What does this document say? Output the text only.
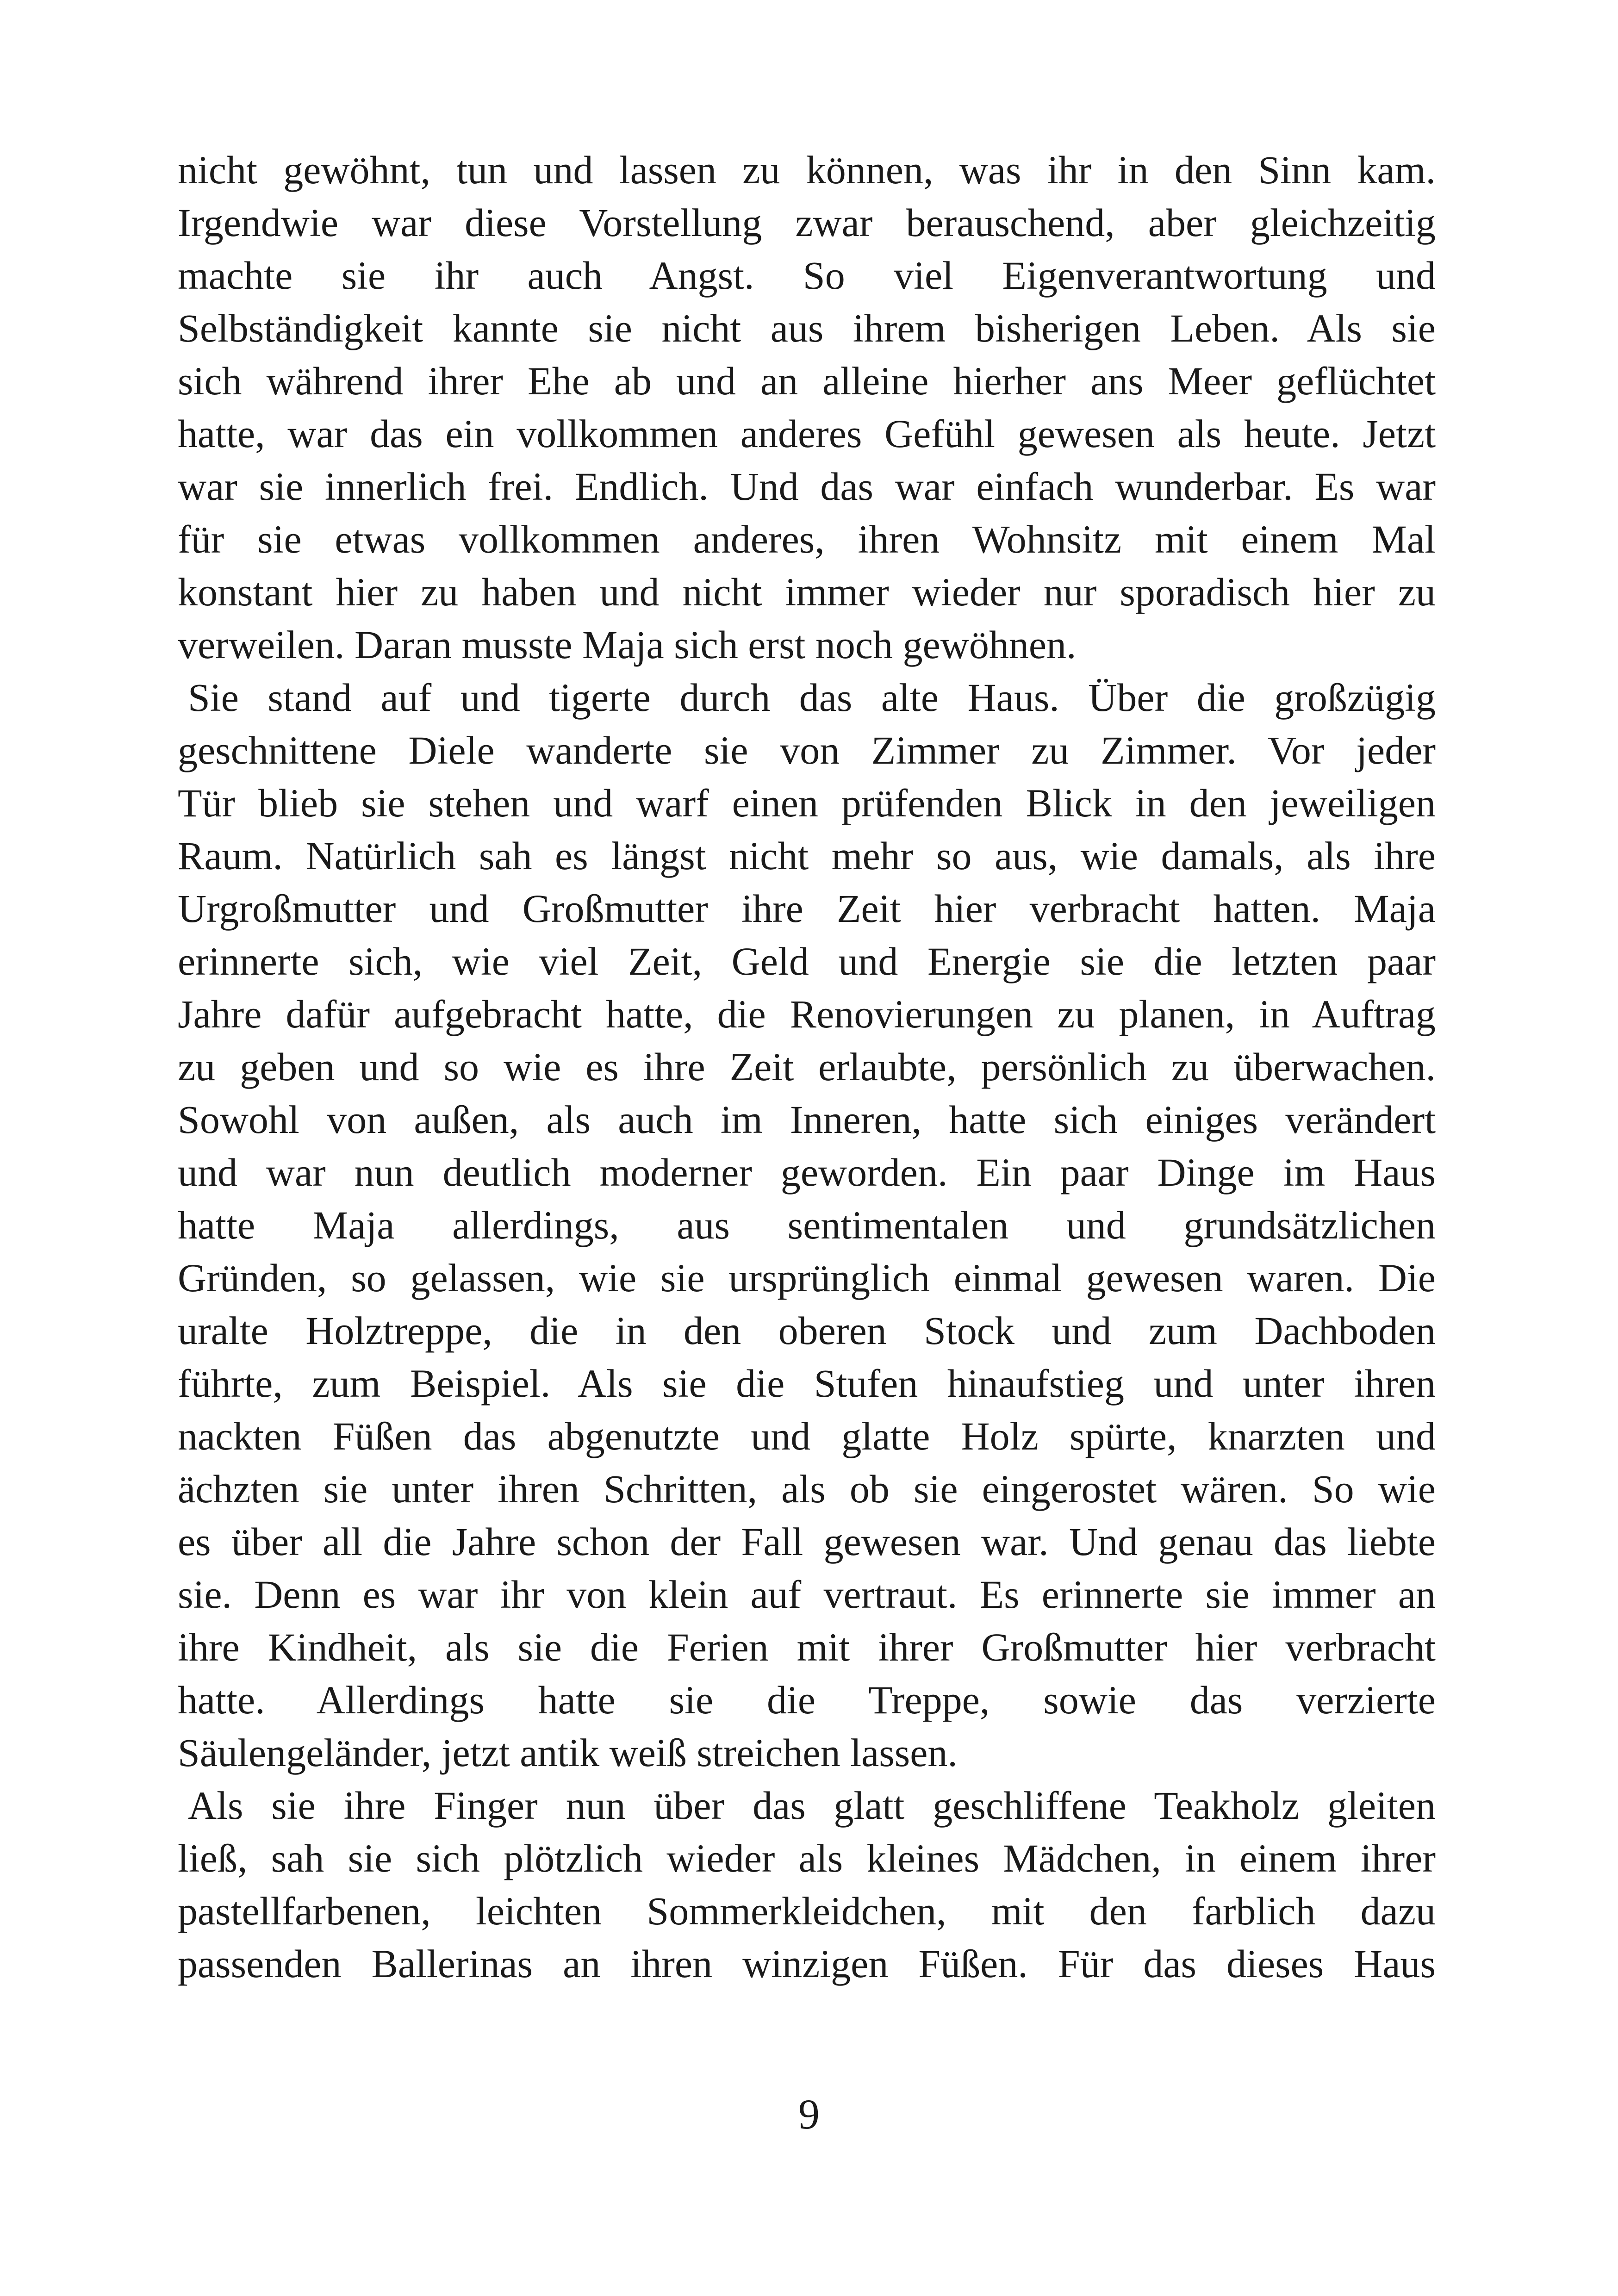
nicht gewöhnt, tun und lassen zu können, was ihr in den Sinn kam.
Irgendwie war diese Vorstellung zwar berauschend, aber gleichzeitig
machte sie ihr auch Angst. So viel Eigenverantwortung und
Selbständigkeit kannte sie nicht aus ihrem bisherigen Leben. Als sie
sich während ihrer Ehe ab und an alleine hierher ans Meer geflüchtet
hatte, war das ein vollkommen anderes Gefühl gewesen als heute. Jetzt
war sie innerlich frei. Endlich. Und das war einfach wunderbar. Es war
für sie etwas vollkommen anderes, ihren Wohnsitz mit einem Mal
konstant hier zu haben und nicht immer wieder nur sporadisch hier zu
verweilen. Daran musste Maja sich erst noch gewöhnen.
Sie stand auf und tigerte durch das alte Haus. Über die großzügig
geschnittene Diele wanderte sie von Zimmer zu Zimmer. Vor jeder
Tür blieb sie stehen und warf einen prüfenden Blick in den jeweiligen
Raum. Natürlich sah es längst nicht mehr so aus, wie damals, als ihre
Urgroßmutter und Großmutter ihre Zeit hier verbracht hatten. Maja
erinnerte sich, wie viel Zeit, Geld und Energie sie die letzten paar
Jahre dafür aufgebracht hatte, die Renovierungen zu planen, in Auftrag
zu geben und so wie es ihre Zeit erlaubte, persönlich zu überwachen.
Sowohl von außen, als auch im Inneren, hatte sich einiges verändert
und war nun deutlich moderner geworden. Ein paar Dinge im Haus
hatte Maja allerdings, aus sentimentalen und grundsätzlichen
Gründen, so gelassen, wie sie ursprünglich einmal gewesen waren. Die
uralte Holztreppe, die in den oberen Stock und zum Dachboden
führte, zum Beispiel. Als sie die Stufen hinaufstieg und unter ihren
nackten Füßen das abgenutzte und glatte Holz spürte, knarzten und
ächzten sie unter ihren Schritten, als ob sie eingerostet wären. So wie
es über all die Jahre schon der Fall gewesen war. Und genau das liebte
sie. Denn es war ihr von klein auf vertraut. Es erinnerte sie immer an
ihre Kindheit, als sie die Ferien mit ihrer Großmutter hier verbracht
hatte. Allerdings hatte sie die Treppe, sowie das verzierte
Säulengeländer, jetzt antik weiß streichen lassen.
Als sie ihre Finger nun über das glatt geschliffene Teakholz gleiten
ließ, sah sie sich plötzlich wieder als kleines Mädchen, in einem ihrer
pastellfarbenen, leichten Sommerkleidchen, mit den farblich dazu
passenden Ballerinas an ihren winzigen Füßen. Für das dieses Haus
9
